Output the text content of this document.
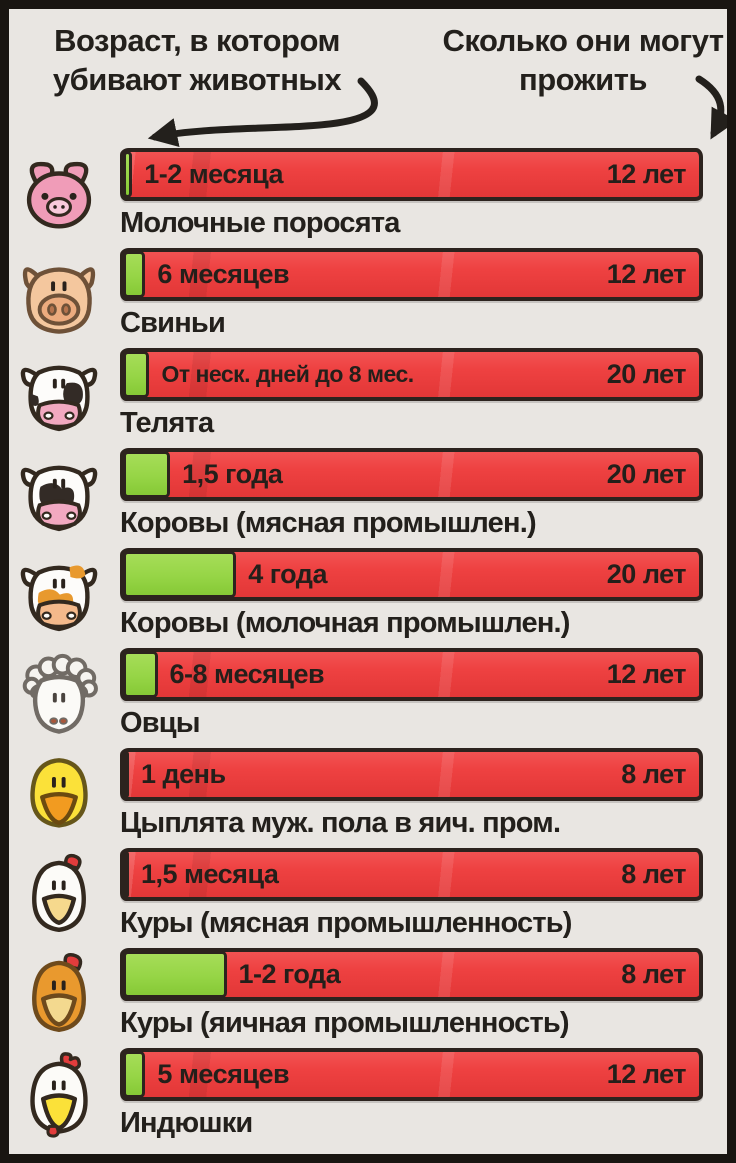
Возраст, в котором убивают животных
Сколько они могут прожить
1-2 месяца	12 лет
Молочные поросята
6 месяцев	12 лет
Свиньи
От неск. дней до 8 мес.	20 лет
Телята
1,5 года	20 лет
Коровы (мясная промышлен.)
4 года	20 лет
Коровы (молочная промышлен.)
6-8 месяцев	12 лет
Овцы
1 день	8 лет
Цыплята муж. пола в яич. пром.
1,5 месяца	8 лет
Куры (мясная промышленность)
1-2 года	8 лет
Куры (яичная промышленность)
5 месяцев	12 лет
Индюшки
